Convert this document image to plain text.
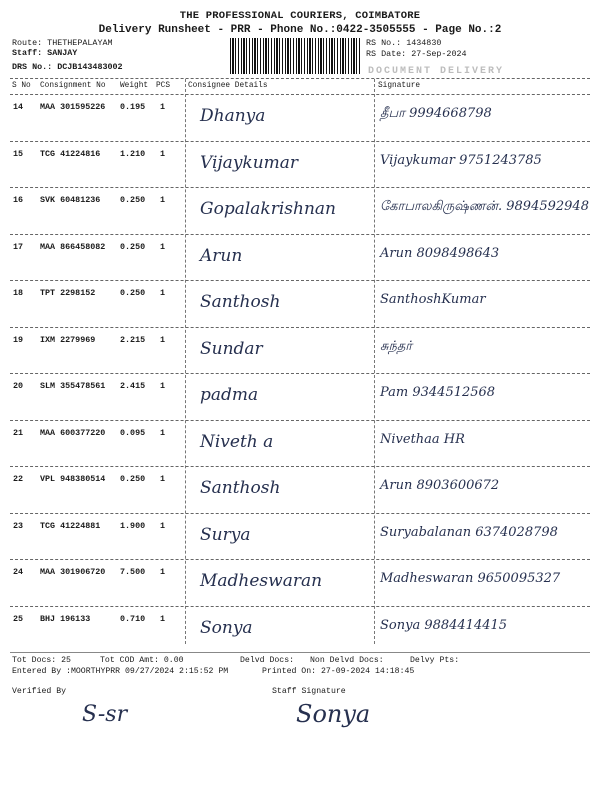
THE PROFESSIONAL COURIERS, COIMBATORE
Delivery Runsheet - PRR - Phone No.:0422-3505555 - Page No.:2
Route: THETHEPALAYAM
Staff: SANJAY
DRS No.: DCJB143483002
RS No.: 1434830
RS Date: 27-Sep-2024
DOCUMENT DELIVERY
S No Consignment No Weight PCS Consignee Details	Signature
14 MAA 301595226 0.195 1 Dhanya	தீபா 9994668798
15 TCG 41224816 1.210 1 Vijaykumar	Vijaykumar 9751243785
16 SVK 60481236 0.250 1 Gopalakrishnan	கோபாலகிருஷ்ணன். 9894592948
17 MAA 866458082 0.250 1 Arun	Arun 8098498643
18 TPT 2298152	0.250 1 Santhosh	SanthoshKumar
19 IXM 2279969	2.215 1 Sundar	சுந்தர்
20 SLM 355478561 2.415 1 padma	Pam 9344512568
21 MAA 600377220 0.095 1 Niveth a	Nivethaa HR
22 VPL 948380514 0.250 1 Santhosh	Arun 8903600672
23 TCG 41224881 1.900 1 Surya	Suryabalanan 6374028798
24 MAA 301906720 7.500 1 Madheswaran	Madheswaran 9650095327
25 BHJ 196133	0.710 1 Sonya	Sonya 9884414415
Tot Docs: 25	Tot COD Amt: 0.00	Delvd Docs: Non Delvd Docs:	Delvy Pts:
Entered By :MOORTHYPRR 09/27/2024 2:15:52 PM	Printed On: 27-09-2024 14:18:45
Verified By	Staff Signature
S-sr	Sonya
